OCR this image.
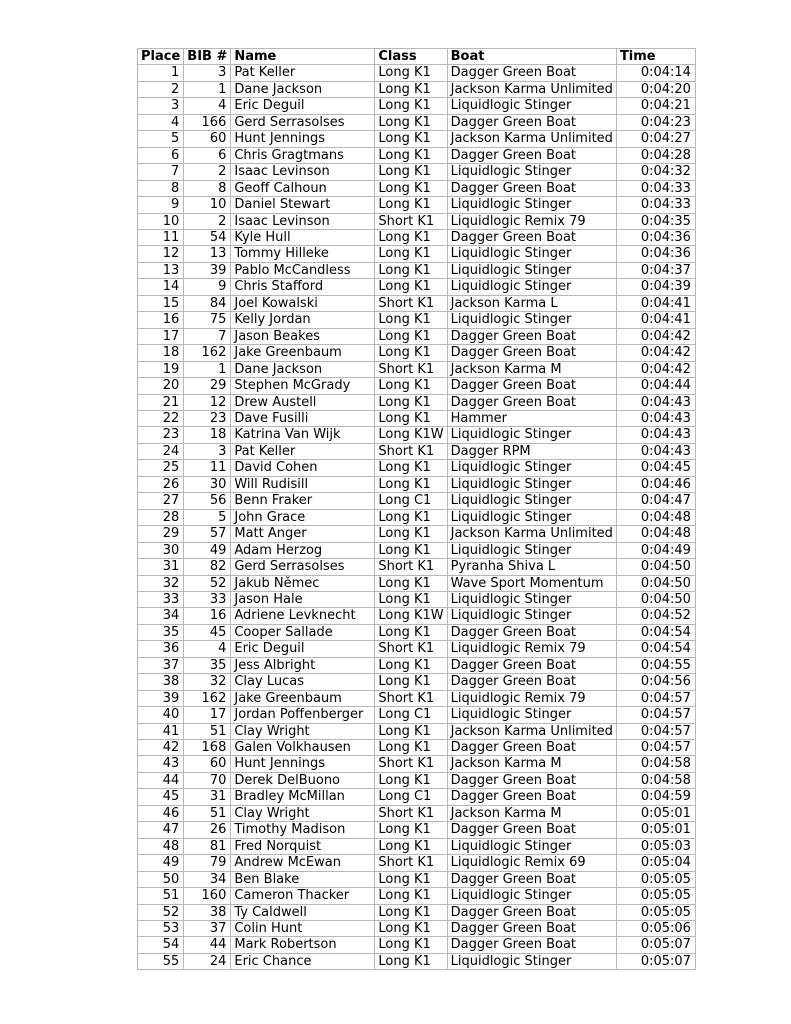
Place	BIB #	Name	Class	Boat	Time
1	3	Pat Keller	Long K1	Dagger Green Boat	0:04:14
2	1	Dane Jackson	Long K1	Jackson Karma Unlimited	0:04:20
3	4	Eric Deguil	Long K1	Liquidlogic Stinger	0:04:21
4	166	Gerd Serrasolses	Long K1	Dagger Green Boat	0:04:23
5	60	Hunt Jennings	Long K1	Jackson Karma Unlimited	0:04:27
6	6	Chris Gragtmans	Long K1	Dagger Green Boat	0:04:28
7	2	Isaac Levinson	Long K1	Liquidlogic Stinger	0:04:32
8	8	Geoff Calhoun	Long K1	Dagger Green Boat	0:04:33
9	10	Daniel Stewart	Long K1	Liquidlogic Stinger	0:04:33
10	2	Isaac Levinson	Short K1	Liquidlogic Remix 79	0:04:35
11	54	Kyle Hull	Long K1	Dagger Green Boat	0:04:36
12	13	Tommy Hilleke	Long K1	Liquidlogic Stinger	0:04:36
13	39	Pablo McCandless	Long K1	Liquidlogic Stinger	0:04:37
14	9	Chris Stafford	Long K1	Liquidlogic Stinger	0:04:39
15	84	Joel Kowalski	Short K1	Jackson Karma L	0:04:41
16	75	Kelly Jordan	Long K1	Liquidlogic Stinger	0:04:41
17	7	Jason Beakes	Long K1	Dagger Green Boat	0:04:42
18	162	Jake Greenbaum	Long K1	Dagger Green Boat	0:04:42
19	1	Dane Jackson	Short K1	Jackson Karma M	0:04:42
20	29	Stephen McGrady	Long K1	Dagger Green Boat	0:04:44
21	12	Drew Austell	Long K1	Dagger Green Boat	0:04:43
22	23	Dave Fusilli	Long K1	Hammer	0:04:43
23	18	Katrina Van Wijk	Long K1W	Liquidlogic Stinger	0:04:43
24	3	Pat Keller	Short K1	Dagger RPM	0:04:43
25	11	David Cohen	Long K1	Liquidlogic Stinger	0:04:45
26	30	Will Rudisill	Long K1	Liquidlogic Stinger	0:04:46
27	56	Benn Fraker	Long C1	Liquidlogic Stinger	0:04:47
28	5	John Grace	Long K1	Liquidlogic Stinger	0:04:48
29	57	Matt Anger	Long K1	Jackson Karma Unlimited	0:04:48
30	49	Adam Herzog	Long K1	Liquidlogic Stinger	0:04:49
31	82	Gerd Serrasolses	Short K1	Pyranha Shiva L	0:04:50
32	52	Jakub Němec	Long K1	Wave Sport Momentum	0:04:50
33	33	Jason Hale	Long K1	Liquidlogic Stinger	0:04:50
34	16	Adriene Levknecht	Long K1W	Liquidlogic Stinger	0:04:52
35	45	Cooper Sallade	Long K1	Dagger Green Boat	0:04:54
36	4	Eric Deguil	Short K1	Liquidlogic Remix 79	0:04:54
37	35	Jess Albright	Long K1	Dagger Green Boat	0:04:55
38	32	Clay Lucas	Long K1	Dagger Green Boat	0:04:56
39	162	Jake Greenbaum	Short K1	Liquidlogic Remix 79	0:04:57
40	17	Jordan Poffenberger	Long C1	Liquidlogic Stinger	0:04:57
41	51	Clay Wright	Long K1	Jackson Karma Unlimited	0:04:57
42	168	Galen Volkhausen	Long K1	Dagger Green Boat	0:04:57
43	60	Hunt Jennings	Short K1	Jackson Karma M	0:04:58
44	70	Derek DelBuono	Long K1	Dagger Green Boat	0:04:58
45	31	Bradley McMillan	Long C1	Dagger Green Boat	0:04:59
46	51	Clay Wright	Short K1	Jackson Karma M	0:05:01
47	26	Timothy Madison	Long K1	Dagger Green Boat	0:05:01
48	81	Fred Norquist	Long K1	Liquidlogic Stinger	0:05:03
49	79	Andrew McEwan	Short K1	Liquidlogic Remix 69	0:05:04
50	34	Ben Blake	Long K1	Dagger Green Boat	0:05:05
51	160	Cameron Thacker	Long K1	Liquidlogic Stinger	0:05:05
52	38	Ty Caldwell	Long K1	Dagger Green Boat	0:05:05
53	37	Colin Hunt	Long K1	Dagger Green Boat	0:05:06
54	44	Mark Robertson	Long K1	Dagger Green Boat	0:05:07
55	24	Eric Chance	Long K1	Liquidlogic Stinger	0:05:07
